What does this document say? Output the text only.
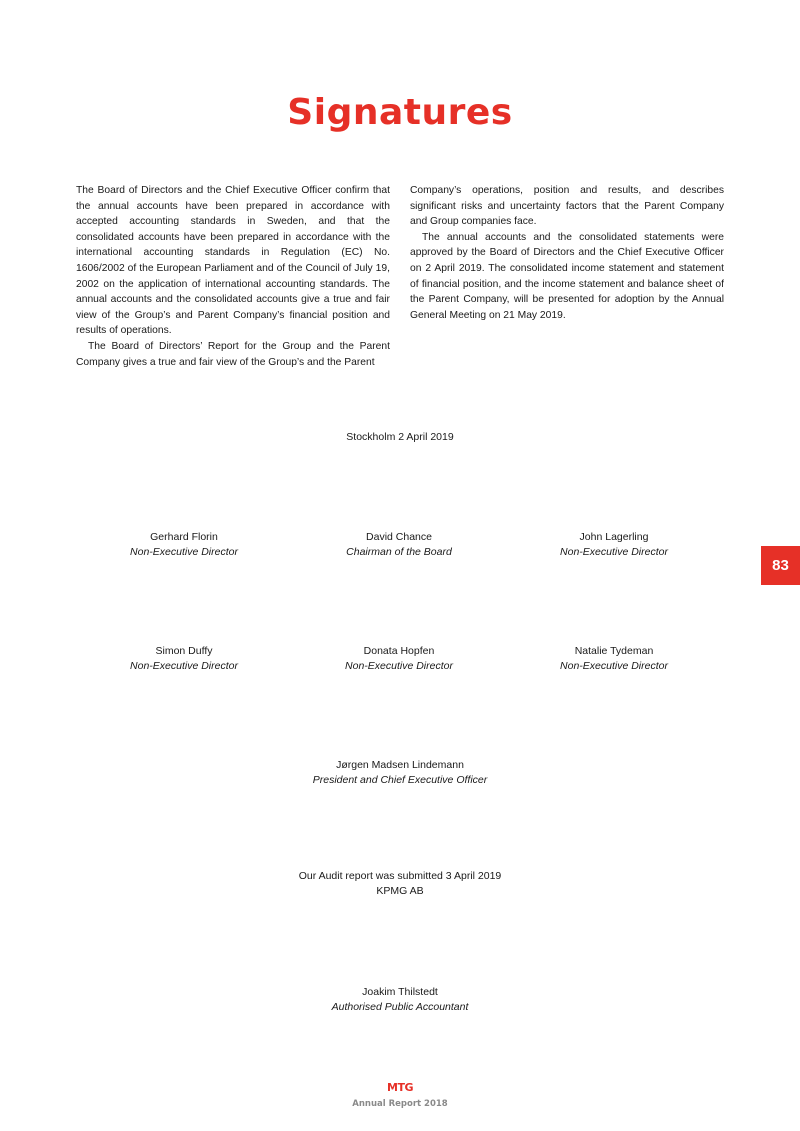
Signatures

The Board of Directors and the Chief Executive Officer confirm that the annual accounts have been prepared in accordance with accepted accounting standards in Sweden, and that the consolidated accounts have been prepared in accordance with the international accounting standards in Regulation (EC) No. 1606/2002 of the European Parliament and of the Council of July 19, 2002 on the application of international accounting standards. The annual accounts and the consolidated accounts give a true and fair view of the Group’s and Parent Company’s financial position and results of operations.

The Board of Directors’ Report for the Group and the Parent Company gives a true and fair view of the Group’s and the Parent

Company’s operations, position and results, and describes significant risks and uncertainty factors that the Parent Company and Group companies face.

The annual accounts and the consolidated statements were approved by the Board of Directors and the Chief Executive Officer on 2 April 2019. The consolidated income statement and statement of financial position, and the income statement and balance sheet of the Parent Company, will be presented for adoption by the Annual General Meeting on 21 May 2019.

Stockholm 2 April 2019
Gerhard Florin
Non-Executive Director
David Chance
Chairman of the Board
John Lagerling
Non-Executive Director
Simon Duffy
Non-Executive Director
Donata Hopfen
Non-Executive Director
Natalie Tydeman
Non-Executive Director
Jørgen Madsen Lindemann
President and Chief Executive Officer
Our Audit report was submitted 3 April 2019
KPMG AB
Joakim Thilstedt
Authorised Public Accountant
83
MTG
Annual Report 2018
